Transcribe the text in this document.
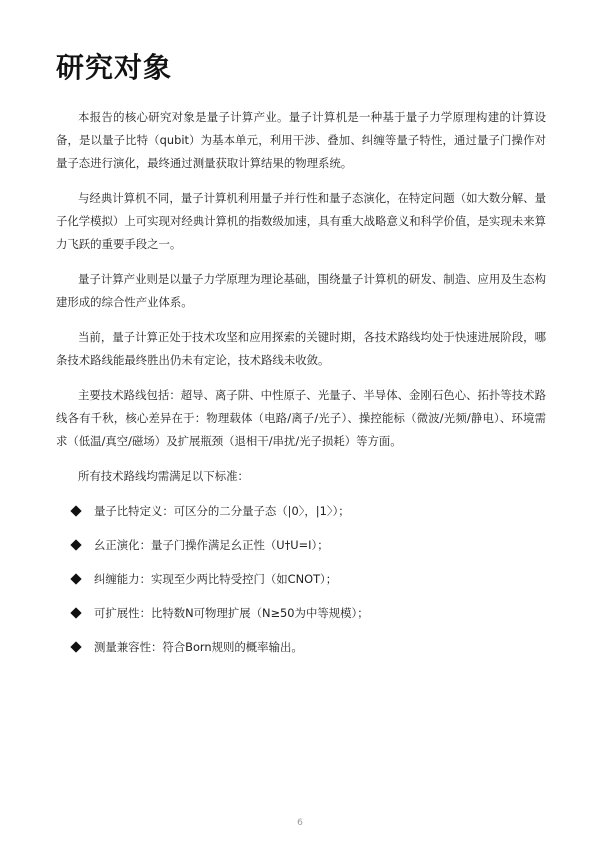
研究对象

本报告的核心研究对象是量子计算产业。量子计算机是一种基于量子力学原理构建的计算设备，是以量子比特（qubit）为基本单元，利用干涉、叠加、纠缠等量子特性，通过量子门操作对量子态进行演化，最终通过测量获取计算结果的物理系统。

与经典计算机不同，量子计算机利用量子并行性和量子态演化，在特定问题（如大数分解、量子化学模拟）上可实现对经典计算机的指数级加速，具有重大战略意义和科学价值，是实现未来算力飞跃的重要手段之一。

量子计算产业则是以量子力学原理为理论基础，围绕量子计算机的研发、制造、应用及生态构建形成的综合性产业体系。

当前，量子计算正处于技术攻坚和应用探索的关键时期，各技术路线均处于快速进展阶段，哪条技术路线能最终胜出仍未有定论，技术路线未收敛。

主要技术路线包括：超导、离子阱、中性原子、光量子、半导体、金刚石色心、拓扑等技术路线各有千秋，核心差异在于：物理载体（电路/离子/光子）、操控能标（微波/光频/静电）、环境需求（低温/真空/磁场）及扩展瓶颈（退相干/串扰/光子损耗）等方面。

所有技术路线均需满足以下标准：

量子比特定义：可区分的二分量子态（|0〉，|1〉）；
幺正演化：量子门操作满足幺正性（U†U=I）；
纠缠能力：实现至少两比特受控门（如CNOT）；
可扩展性：比特数N可物理扩展（N≥50为中等规模）；
测量兼容性：符合Born规则的概率输出。
6
